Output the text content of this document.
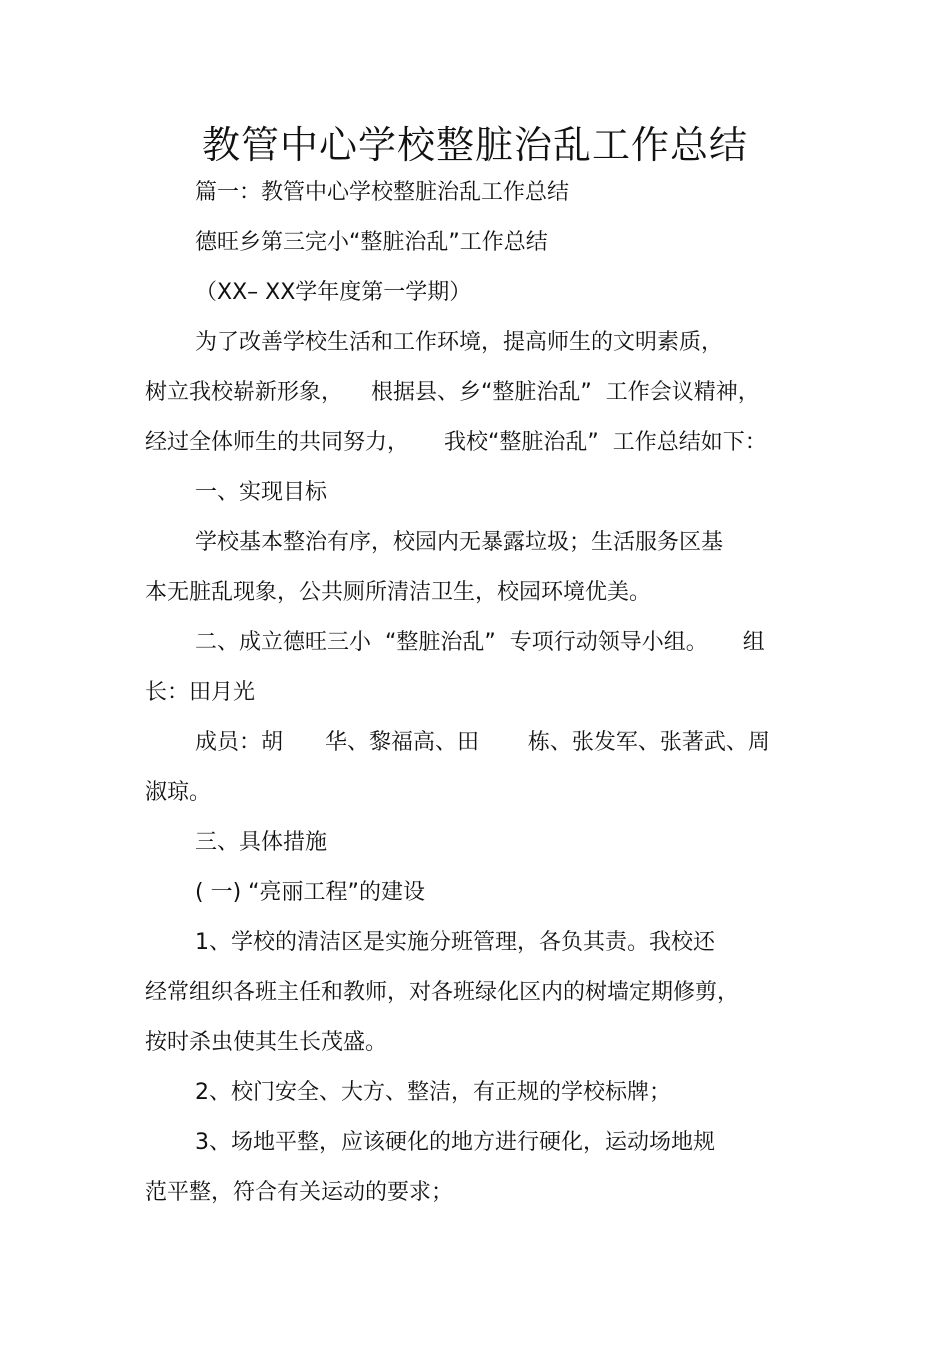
教管中心学校整脏治乱工作总结
篇一：教管中心学校整脏治乱工作总结
德旺乡第三完小“整脏治乱”工作总结
（XX– XX学年度第一学期）
为了改善学校生活和工作环境，提高师生的文明素质，
树立我校崭新形象，    根据县、乡“整脏治乱”  工作会议精神，
经过全体师生的共同努力，     我校“整脏治乱”  工作总结如下：
一、实现目标
学校基本整治有序，校园内无暴露垃圾；生活服务区基
本无脏乱现象，公共厕所清洁卫生，校园环境优美。
二、成立德旺三小  “整脏治乱”  专项行动领导小组。     组
长：田月光
成员：胡      华、黎福高、田       栋、张发军、张著武、周
淑琼。
三、具体措施
( 一) “亮丽工程”的建设
1、学校的清洁区是实施分班管理，各负其责。我校还
经常组织各班主任和教师，对各班绿化区内的树墙定期修剪，
按时杀虫使其生长茂盛。
2、校门安全、大方、整洁，有正规的学校标牌；
3、场地平整，应该硬化的地方进行硬化，运动场地规
范平整，符合有关运动的要求；
